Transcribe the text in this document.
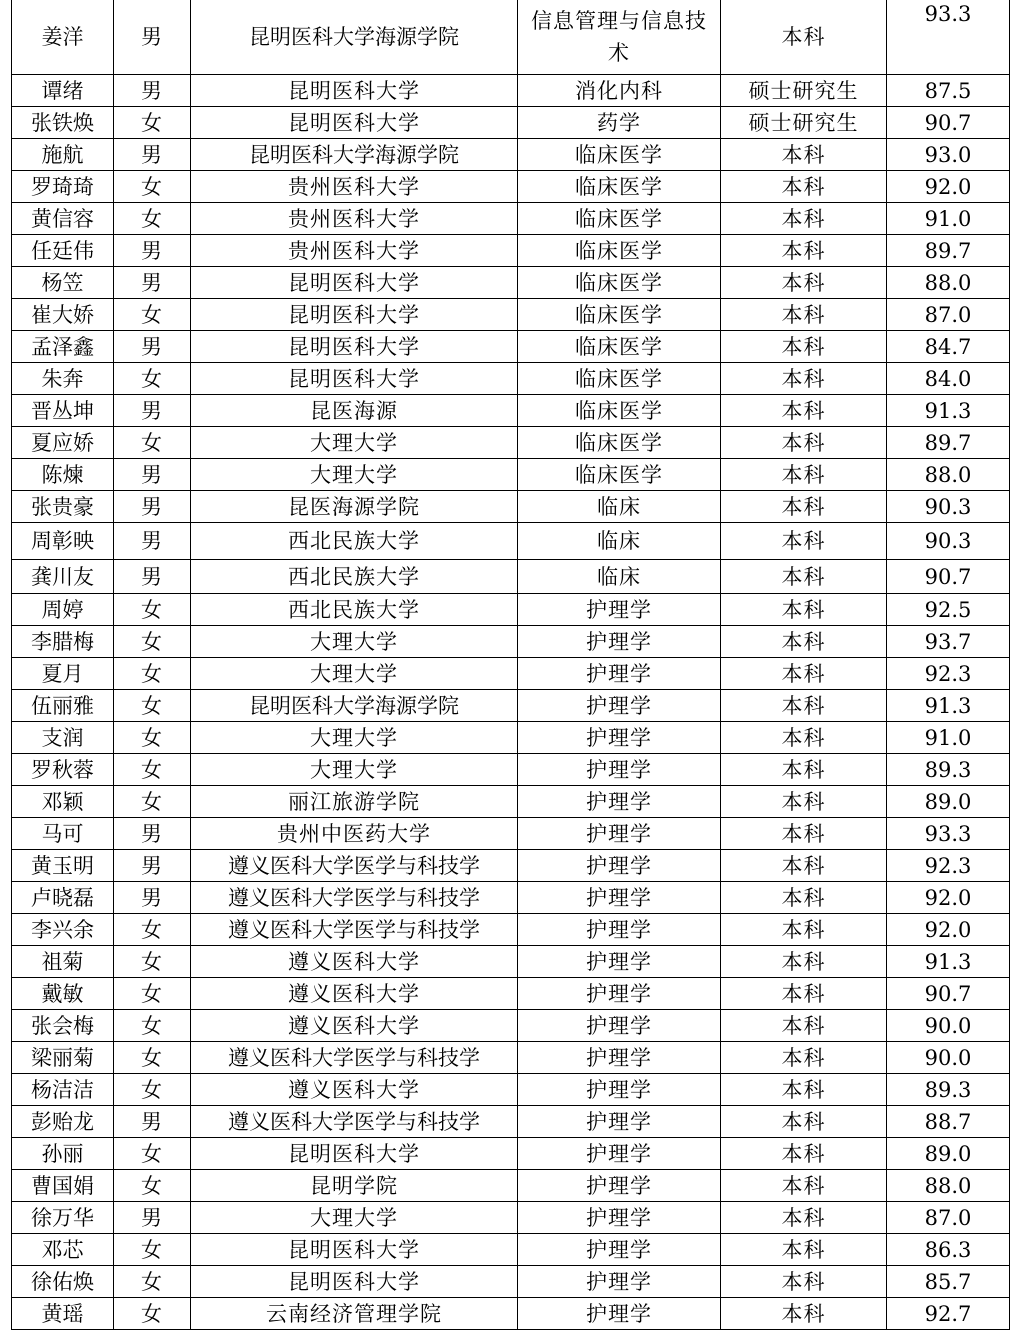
姜洋	男	昆明医科大学海源学院	信息管理与信息技术	本科	93.3
谭绪	男	昆明医科大学	消化内科	硕士研究生	87.5
张铁焕	女	昆明医科大学	药学	硕士研究生	90.7
施航	男	昆明医科大学海源学院	临床医学	本科	93.0
罗琦琦	女	贵州医科大学	临床医学	本科	92.0
黄信容	女	贵州医科大学	临床医学	本科	91.0
任廷伟	男	贵州医科大学	临床医学	本科	89.7
杨笠	男	昆明医科大学	临床医学	本科	88.0
崔大娇	女	昆明医科大学	临床医学	本科	87.0
孟泽鑫	男	昆明医科大学	临床医学	本科	84.7
朱奔	女	昆明医科大学	临床医学	本科	84.0
晋丛坤	男	昆医海源	临床医学	本科	91.3
夏应娇	女	大理大学	临床医学	本科	89.7
陈煉	男	大理大学	临床医学	本科	88.0
张贵豪	男	昆医海源学院	临床	本科	90.3
周彰映	男	西北民族大学	临床	本科	90.3
龚川友	男	西北民族大学	临床	本科	90.7
周婷	女	西北民族大学	护理学	本科	92.5
李腊梅	女	大理大学	护理学	本科	93.7
夏月	女	大理大学	护理学	本科	92.3
伍丽雅	女	昆明医科大学海源学院	护理学	本科	91.3
支润	女	大理大学	护理学	本科	91.0
罗秋蓉	女	大理大学	护理学	本科	89.3
邓颖	女	丽江旅游学院	护理学	本科	89.0
马可	男	贵州中医药大学	护理学	本科	93.3
黄玉明	男	遵义医科大学医学与科技学	护理学	本科	92.3
卢晓磊	男	遵义医科大学医学与科技学	护理学	本科	92.0
李兴余	女	遵义医科大学医学与科技学	护理学	本科	92.0
祖菊	女	遵义医科大学	护理学	本科	91.3
戴敏	女	遵义医科大学	护理学	本科	90.7
张会梅	女	遵义医科大学	护理学	本科	90.0
梁丽菊	女	遵义医科大学医学与科技学	护理学	本科	90.0
杨洁洁	女	遵义医科大学	护理学	本科	89.3
彭贻龙	男	遵义医科大学医学与科技学	护理学	本科	88.7
孙丽	女	昆明医科大学	护理学	本科	89.0
曹国娟	女	昆明学院	护理学	本科	88.0
徐万华	男	大理大学	护理学	本科	87.0
邓芯	女	昆明医科大学	护理学	本科	86.3
徐佑焕	女	昆明医科大学	护理学	本科	85.7
黄瑶	女	云南经济管理学院	护理学	本科	92.7
